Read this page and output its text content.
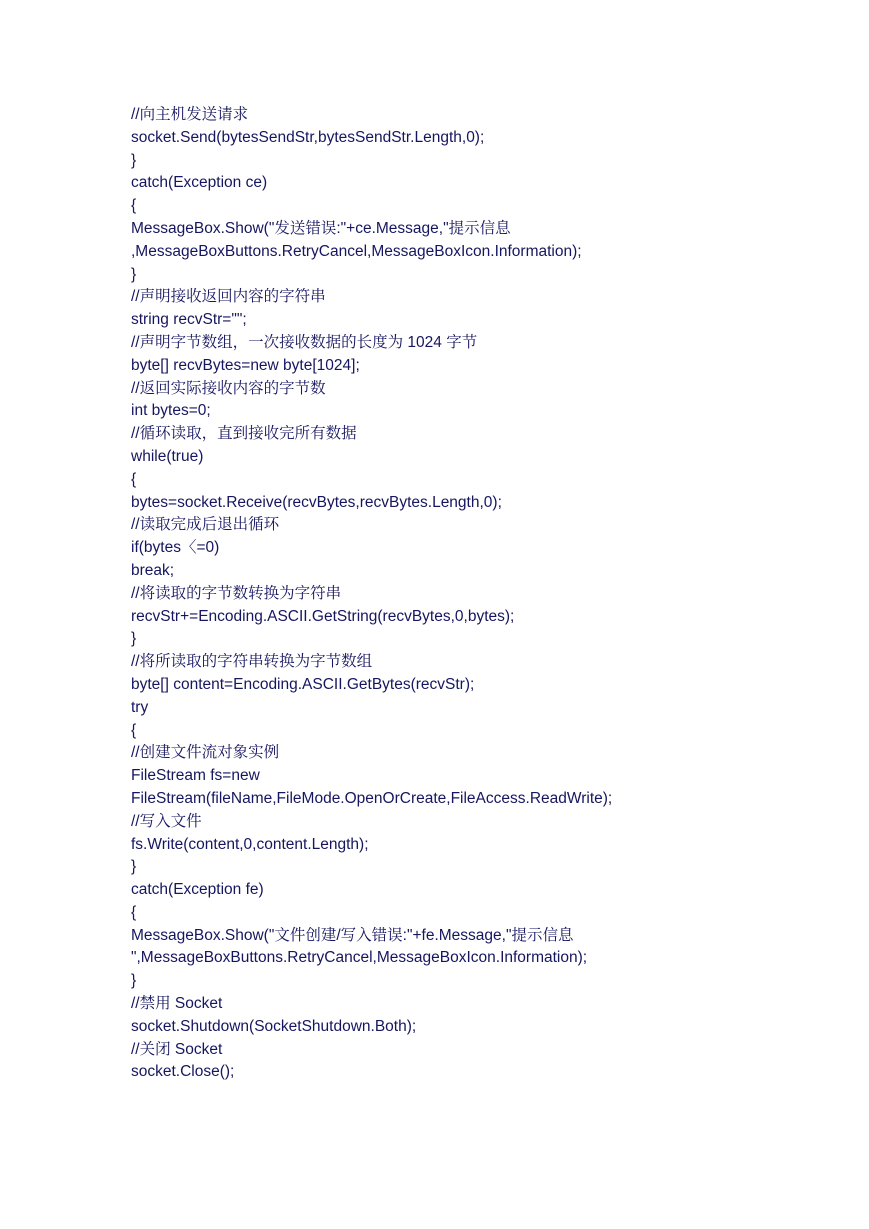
//向主机发送请求
socket.Send(bytesSendStr,bytesSendStr.Length,0);
}
catch(Exception ce)
{
MessageBox.Show("发送错误:"+ce.Message,"提示信息
,MessageBoxButtons.RetryCancel,MessageBoxIcon.Information);
}
//声明接收返回内容的字符串
string recvStr="";
//声明字节数组，一次接收数据的长度为 1024 字节
byte[] recvBytes=new byte[1024];
//返回实际接收内容的字节数
int bytes=0;
//循环读取，直到接收完所有数据
while(true)
{
bytes=socket.Receive(recvBytes,recvBytes.Length,0);
//读取完成后退出循环
if(bytes〈=0)
break;
//将读取的字节数转换为字符串
recvStr+=Encoding.ASCII.GetString(recvBytes,0,bytes);
}
//将所读取的字符串转换为字节数组
byte[] content=Encoding.ASCII.GetBytes(recvStr);
try
{
//创建文件流对象实例
FileStream fs=new
FileStream(fileName,FileMode.OpenOrCreate,FileAccess.ReadWrite);
//写入文件
fs.Write(content,0,content.Length);
}
catch(Exception fe)
{
MessageBox.Show("文件创建/写入错误:"+fe.Message,"提示信息
",MessageBoxButtons.RetryCancel,MessageBoxIcon.Information);
}
//禁用 Socket
socket.Shutdown(SocketShutdown.Both);
//关闭 Socket
socket.Close();
